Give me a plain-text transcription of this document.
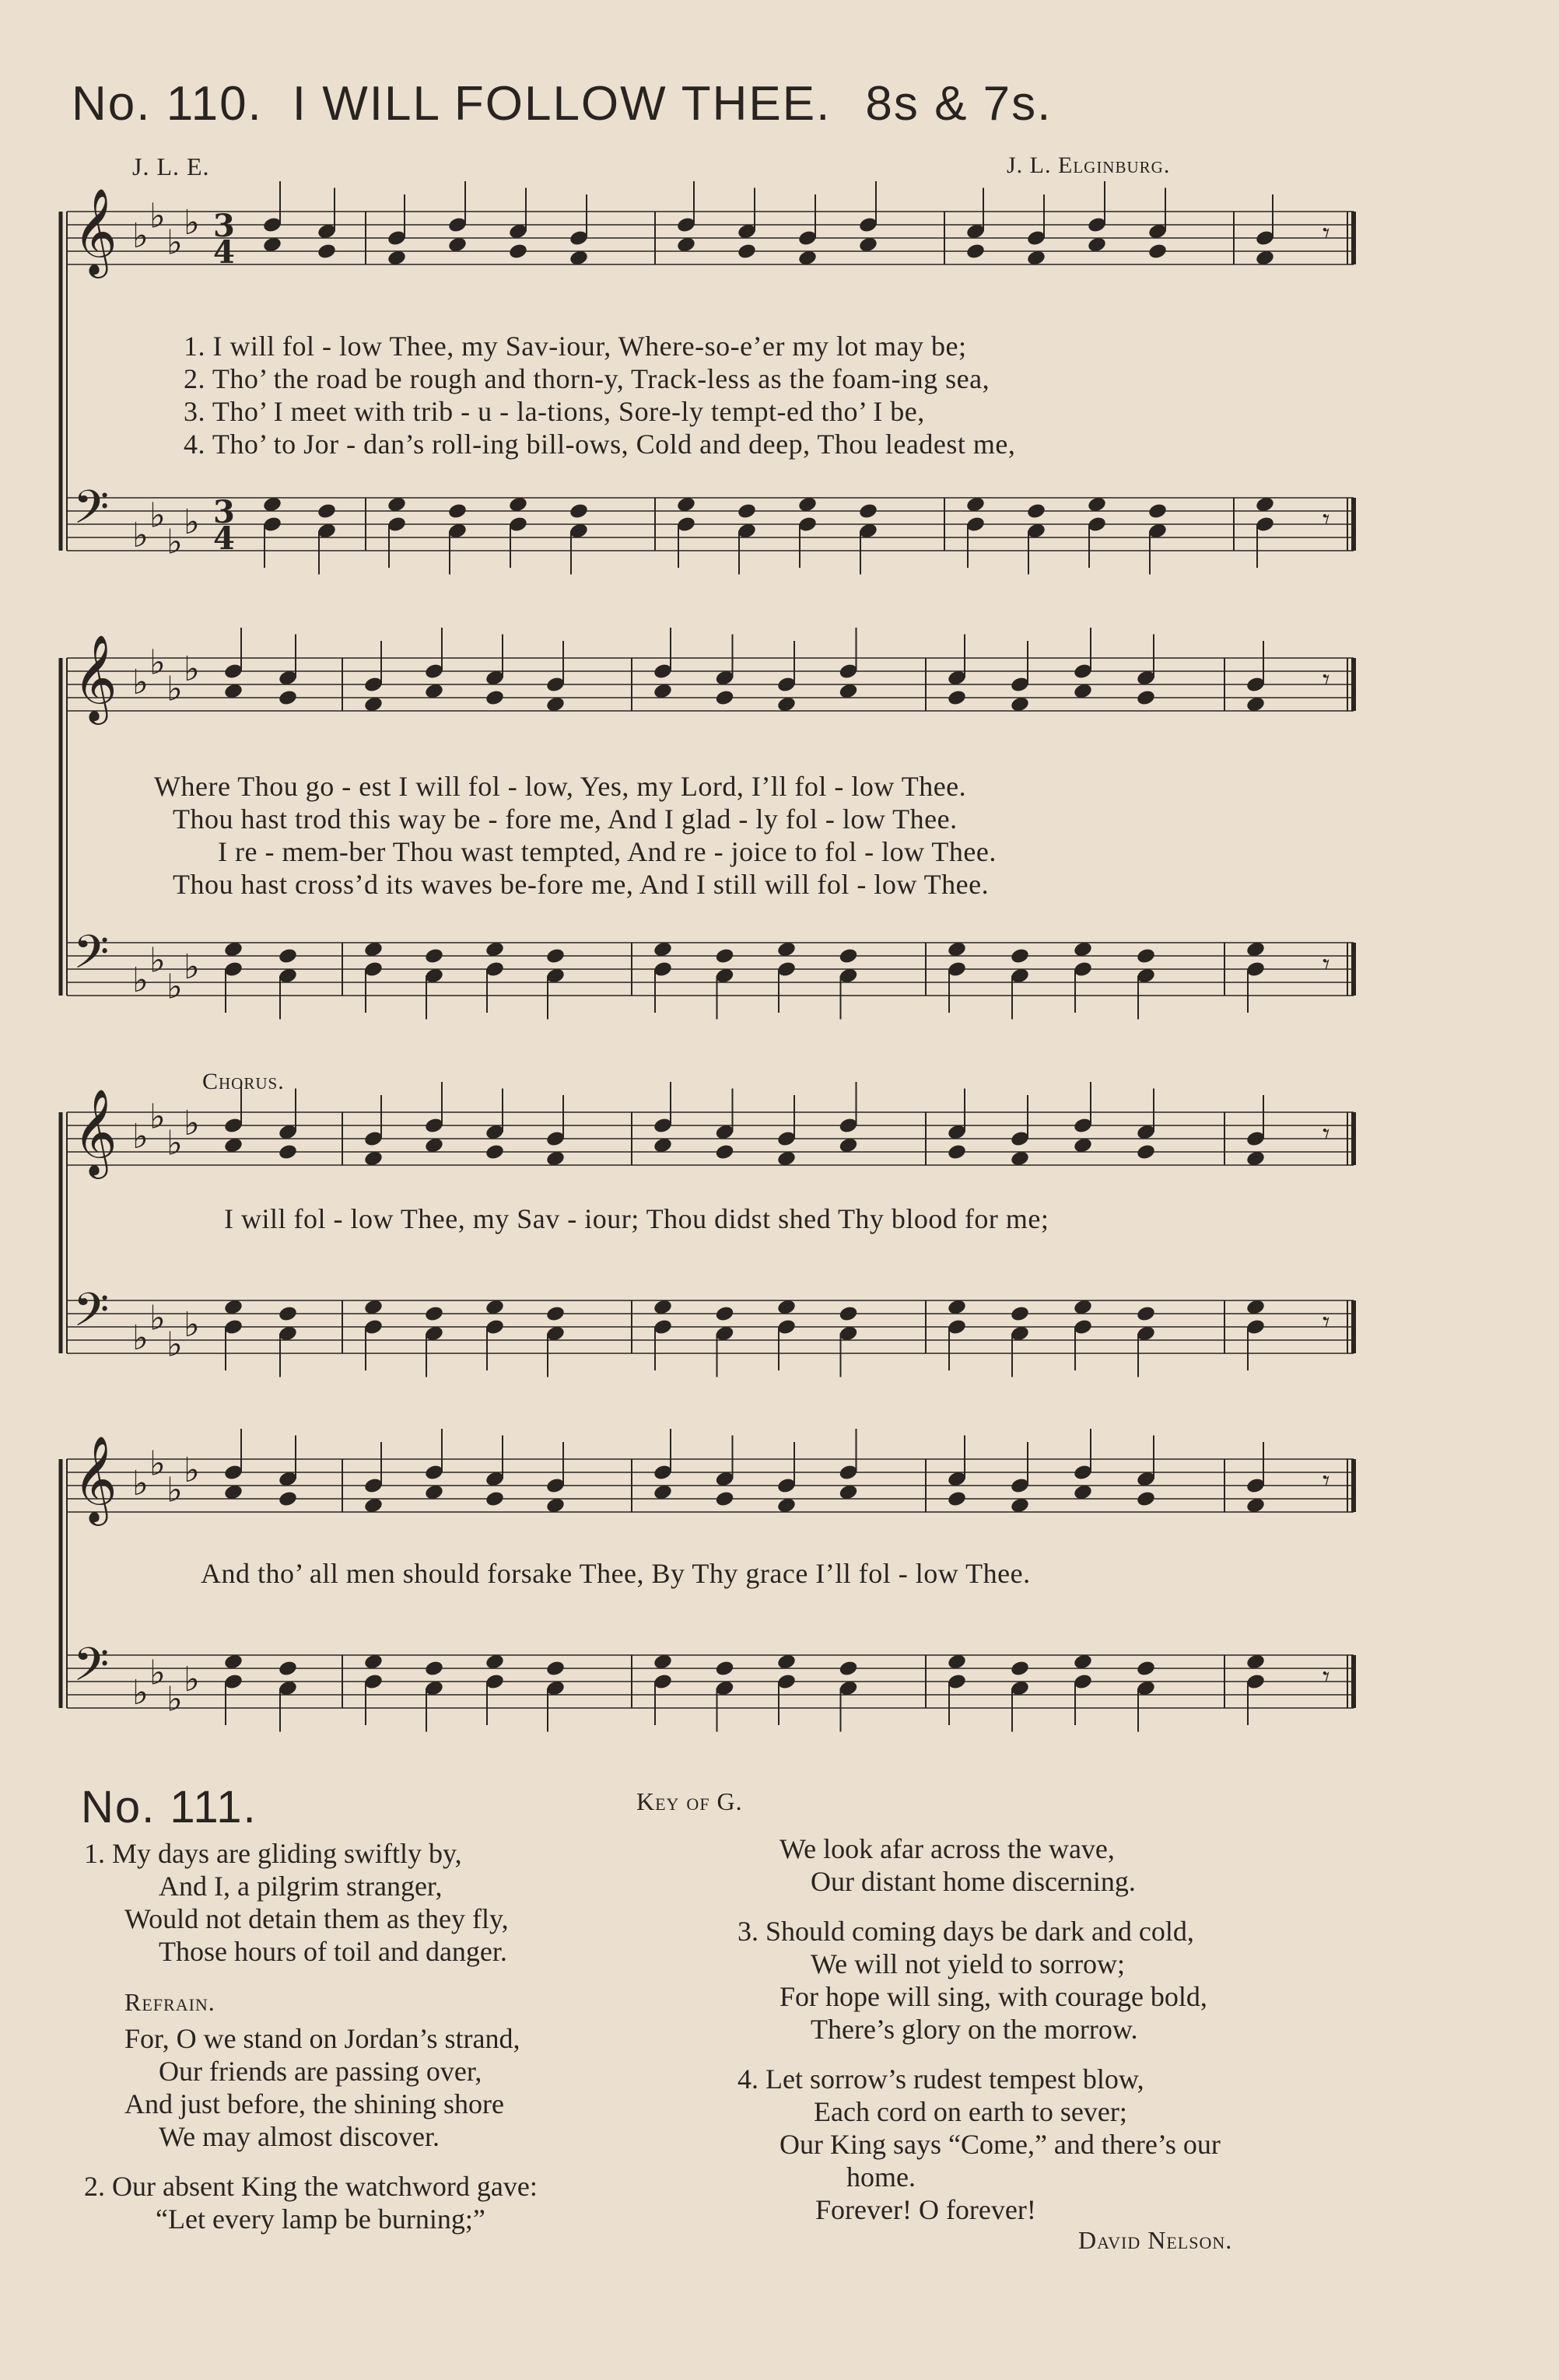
No. 110. I WILL FOLLOW THEE. 8s & 7s.
J. L. E.	J. L. Elginburg.
𝄞 ♭ ♭
♭ ♭ 3
4
𝄾
𝄢 ♭ ♭
♭ ♭ 3
4
𝄾
𝄞 ♭ ♭
♭ ♭	𝄾
𝄢 ♭ ♭
♭ ♭	𝄾
𝄞 ♭ ♭
♭ ♭	𝄾
𝄢 ♭ ♭
♭ ♭	𝄾
𝄞 ♭ ♭
♭ ♭	𝄾
𝄢 ♭ ♭
♭ ♭	𝄾
1. I will fol - low Thee, my Sav-iour, Where-so-e’er my lot may be;
2. Tho’ the road be rough and thorn-y, Track-less as the foam-ing sea,
3. Tho’ I meet with trib - u - la-tions, Sore-ly tempt-ed tho’ I be,
4. Tho’ to Jor - dan’s roll-ing bill-ows, Cold and deep, Thou leadest me,
Where Thou go - est I will fol - low, Yes, my Lord, I’ll fol - low Thee.
Thou hast trod this way be - fore me, And I glad - ly fol - low Thee.
I re - mem-ber Thou wast tempted, And re - joice to fol - low Thee.
Thou hast cross’d its waves be-fore me, And I still will fol - low Thee.
Chorus.
I will fol - low Thee, my Sav - iour; Thou didst shed Thy blood for me;
And tho’ all men should forsake Thee, By Thy grace I’ll fol - low Thee.
No. 111.	Key of G.
1. My days are gliding swiftly by,
And I, a pilgrim stranger,
Would not detain them as they fly,
Those hours of toil and danger.
Refrain.
For, O we stand on Jordan’s strand,
Our friends are passing over,
And just before, the shining shore
We may almost discover.
2. Our absent King the watchword gave:
“Let every lamp be burning;”
We look afar across the wave,
Our distant home discerning.
3. Should coming days be dark and cold,
We will not yield to sorrow;
For hope will sing, with courage bold,
There’s glory on the morrow.
4. Let sorrow’s rudest tempest blow,
Each cord on earth to sever;
Our King says “Come,” and there’s our
home.
Forever! O forever!
David Nelson.
